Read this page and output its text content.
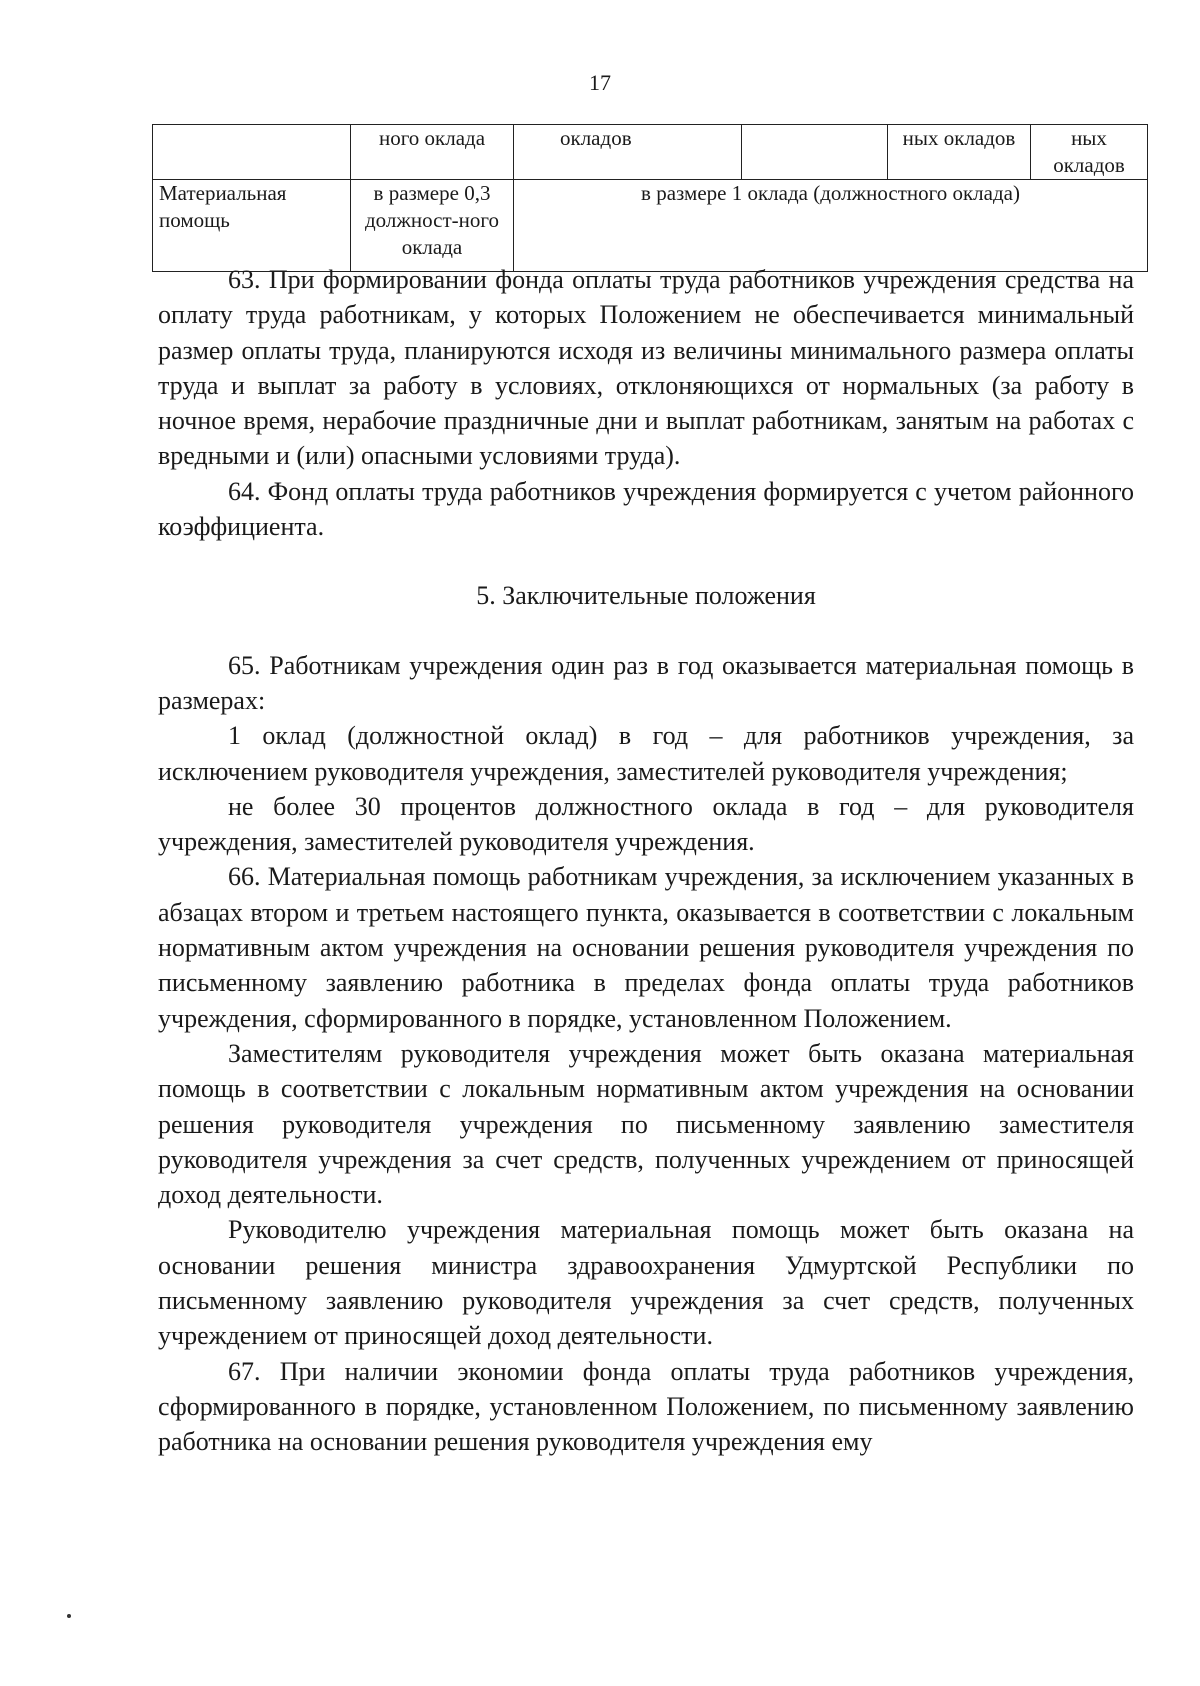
17
	ного оклада	окладов		ных окладов	ных окладов
Материальная помощь	в размере 0,3 должност-ного оклада	в размере 1 оклада (должностного оклада)			

63. При формировании фонда оплаты труда работников учреждения средства на оплату труда работникам, у которых Положением не обеспечивается минимальный размер оплаты труда, планируются исходя из величины минимального размера оплаты труда и выплат за работу в условиях, отклоняющихся от нормальных (за работу в ночное время, нерабочие праздничные дни и выплат работникам, занятым на работах с вредными и (или) опасными условиями труда).

64. Фонд оплаты труда работников учреждения формируется с учетом районного коэффициента.

5. Заключительные положения

65. Работникам учреждения один раз в год оказывается материальная помощь в размерах:

1 оклад (должностной оклад) в год – для работников учреждения, за исключением руководителя учреждения, заместителей руководителя учреждения;

не более 30 процентов должностного оклада в год – для руководителя учреждения, заместителей руководителя учреждения.

66. Материальная помощь работникам учреждения, за исключением указанных в абзацах втором и третьем настоящего пункта, оказывается в соответствии с локальным нормативным актом учреждения на основании решения руководителя учреждения по письменному заявлению работника в пределах фонда оплаты труда работников учреждения, сформированного в порядке, установленном Положением.

Заместителям руководителя учреждения может быть оказана материальная помощь в соответствии с локальным нормативным актом учреждения на основании решения руководителя учреждения по письменному заявлению заместителя руководителя учреждения за счет средств, полученных учреждением от приносящей доход деятельности.

Руководителю учреждения материальная помощь может быть оказана на основании решения министра здравоохранения Удмуртской Республики по письменному заявлению руководителя учреждения за счет средств, полученных учреждением от приносящей доход деятельности.

67. При наличии экономии фонда оплаты труда работников учреждения, сформированного в порядке, установленном Положением, по письменному заявлению работника на основании решения руководителя учреждения ему
